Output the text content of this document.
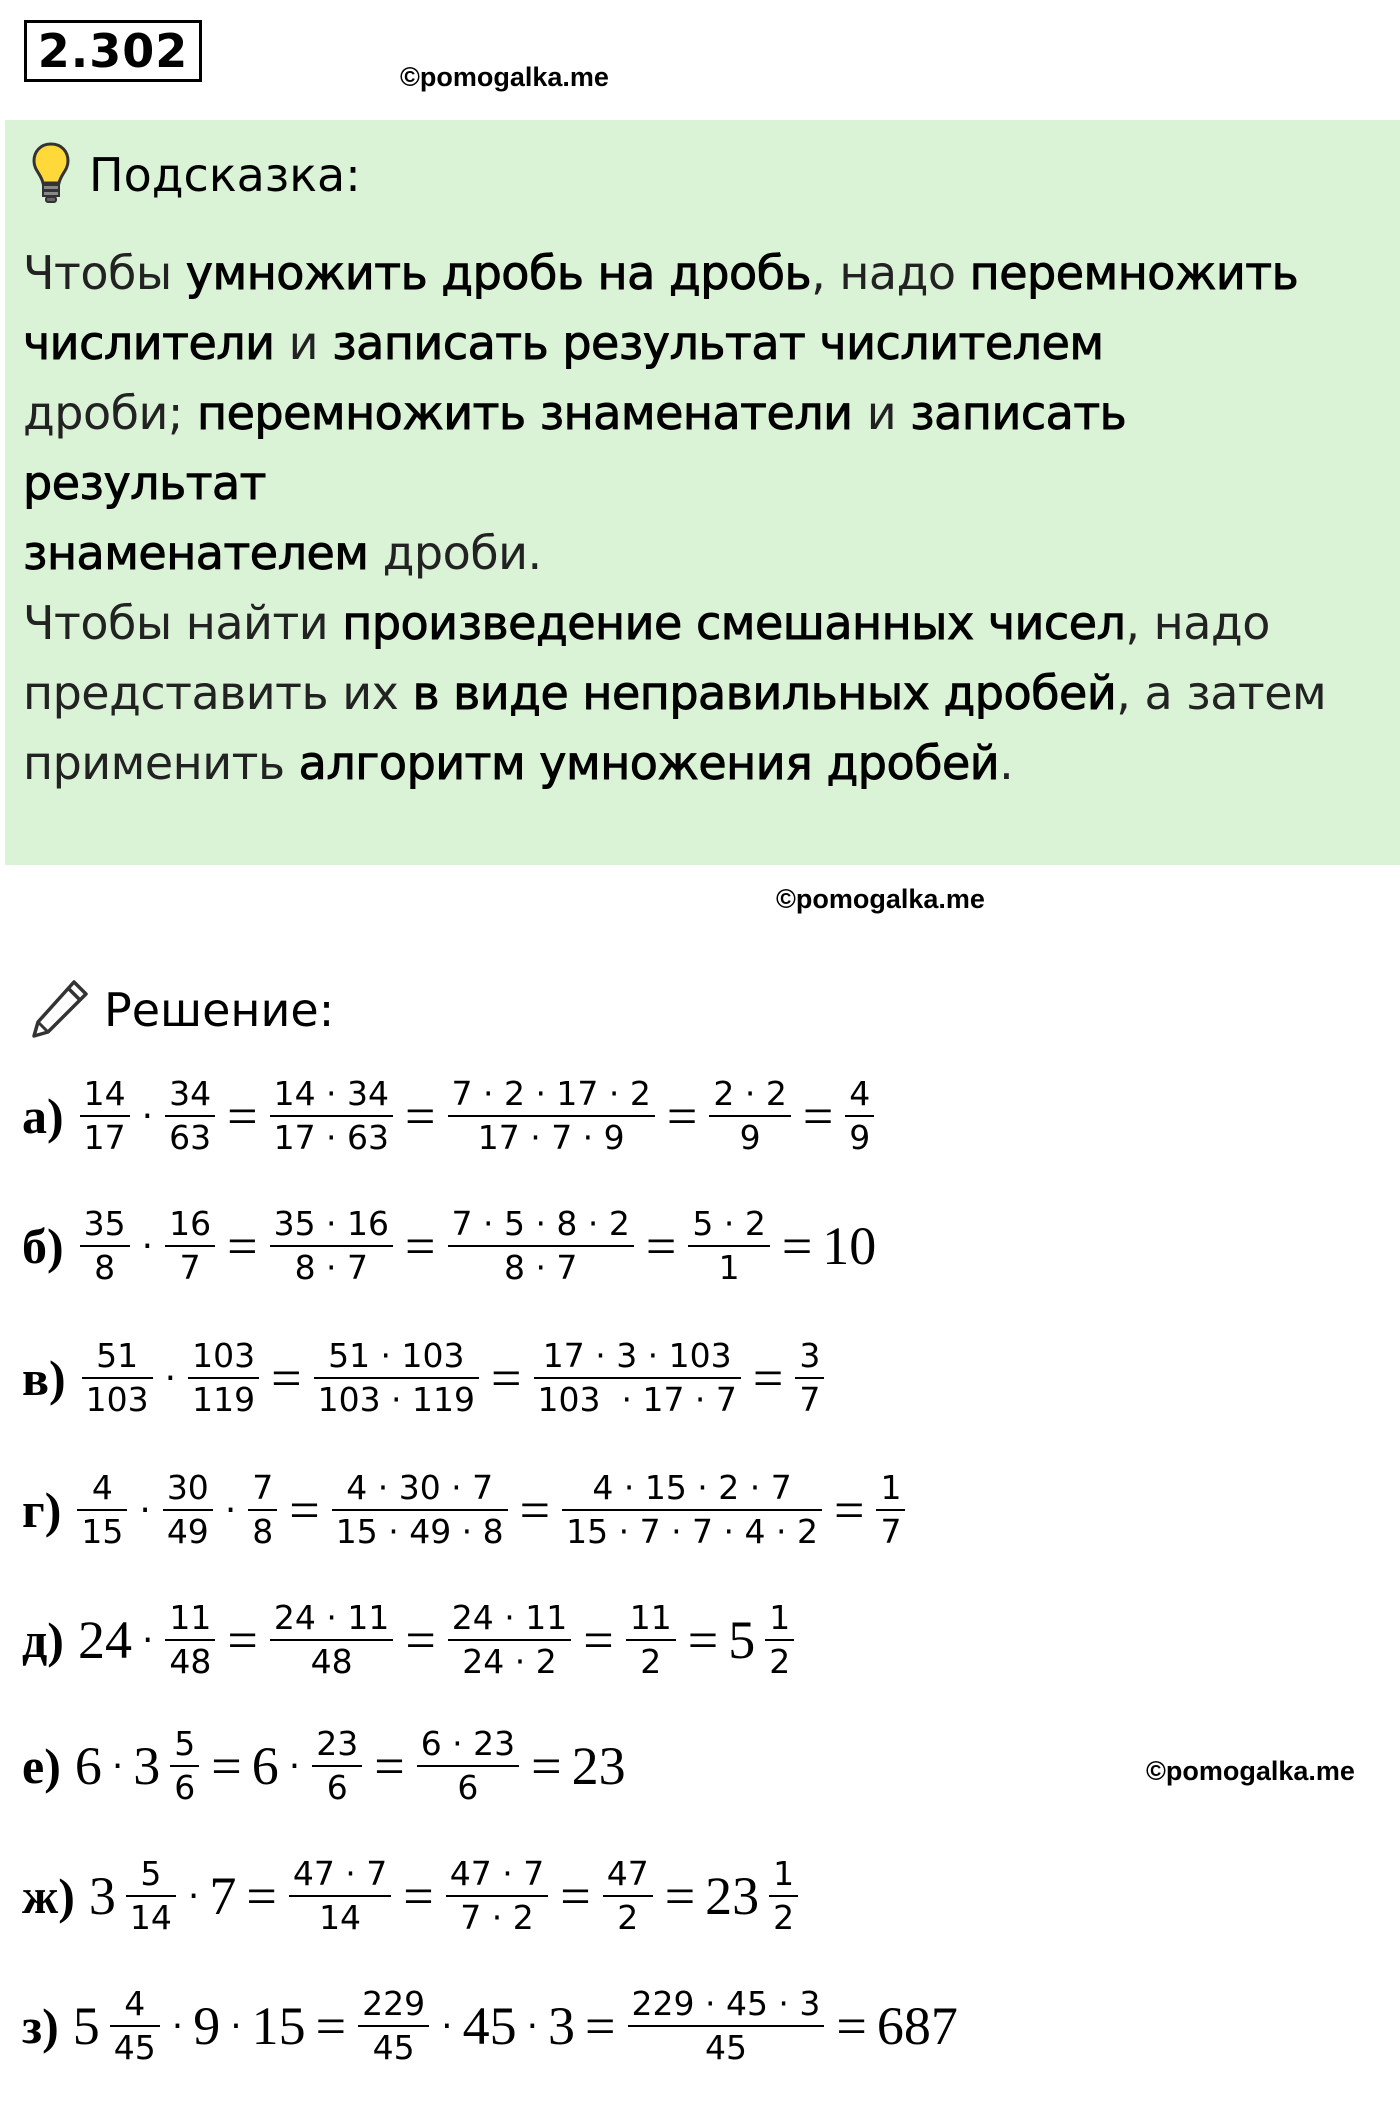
2.302	©pomogalka.me
Подсказка:
Чтобы умножить дробь на дробь, надо перемножить
числители и записать результат числителем
дроби; перемножить знаменатели и записать результат
знаменателем дроби.
Чтобы найти произведение смешанных чисел, надо
представить их в виде неправильных дробей, а затем
применить алгоритм умножения дробей.
©pomogalka.me
Решение:
$а) \frac{14}{17} \cdot \frac{34}{63} = \frac{14 \cdot 34}{17 \cdot 63} = \frac{7 \cdot 2 \cdot 17 \cdot 2}{17 \cdot 7 \cdot 9} = \frac{2 \cdot 2}{9} = \frac{4}{9}$
$б) \frac{35}{8} \cdot \frac{16}{7} = \frac{35 \cdot 16}{8 \cdot 7} = \frac{7 \cdot 5 \cdot 8 \cdot 2}{8 \cdot 7} = \frac{5 \cdot 2}{1} = 10$
$в) \frac{51}{103} \cdot \frac{103}{119} = \frac{51 \cdot 103}{103 \cdot 119} = \frac{17 \cdot 3 \cdot 103}{103 \cdot 17 \cdot 7} = \frac{3}{7}$
$г) \frac{4}{15} \cdot \frac{30}{49} \cdot \frac{7}{8} = \frac{4 \cdot 30 \cdot 7}{15 \cdot 49 \cdot 8} = \frac{4 \cdot 15 \cdot 2 \cdot 7}{15 \cdot 7 \cdot 7 \cdot 4 \cdot 2} = \frac{1}{7}$
д) $24 \cdot \frac{11}{48} = \frac{24 \cdot 11}{48} = \frac{24 \cdot 11}{24 \cdot 2} = \frac{11}{2} = 5 \frac{1}{2}$
е) $6 \cdot 3 \frac{5}{6} = 6 \cdot \frac{23}{6} = \frac{6 \cdot 23}{6} = 23$
ж) $3 \frac{5}{14} \cdot 7 = \frac{47 \cdot 7}{14} = \frac{47 \cdot 7}{7 \cdot 2} = \frac{47}{2} = 23 \frac{1}{2}$
з) $5 \frac{4}{45} \cdot 9 \cdot 15 = \frac{229}{45} \cdot 45 \cdot 3 = \frac{229 \cdot 45 \cdot 3}{45} = 687$
©pomogalka.me
